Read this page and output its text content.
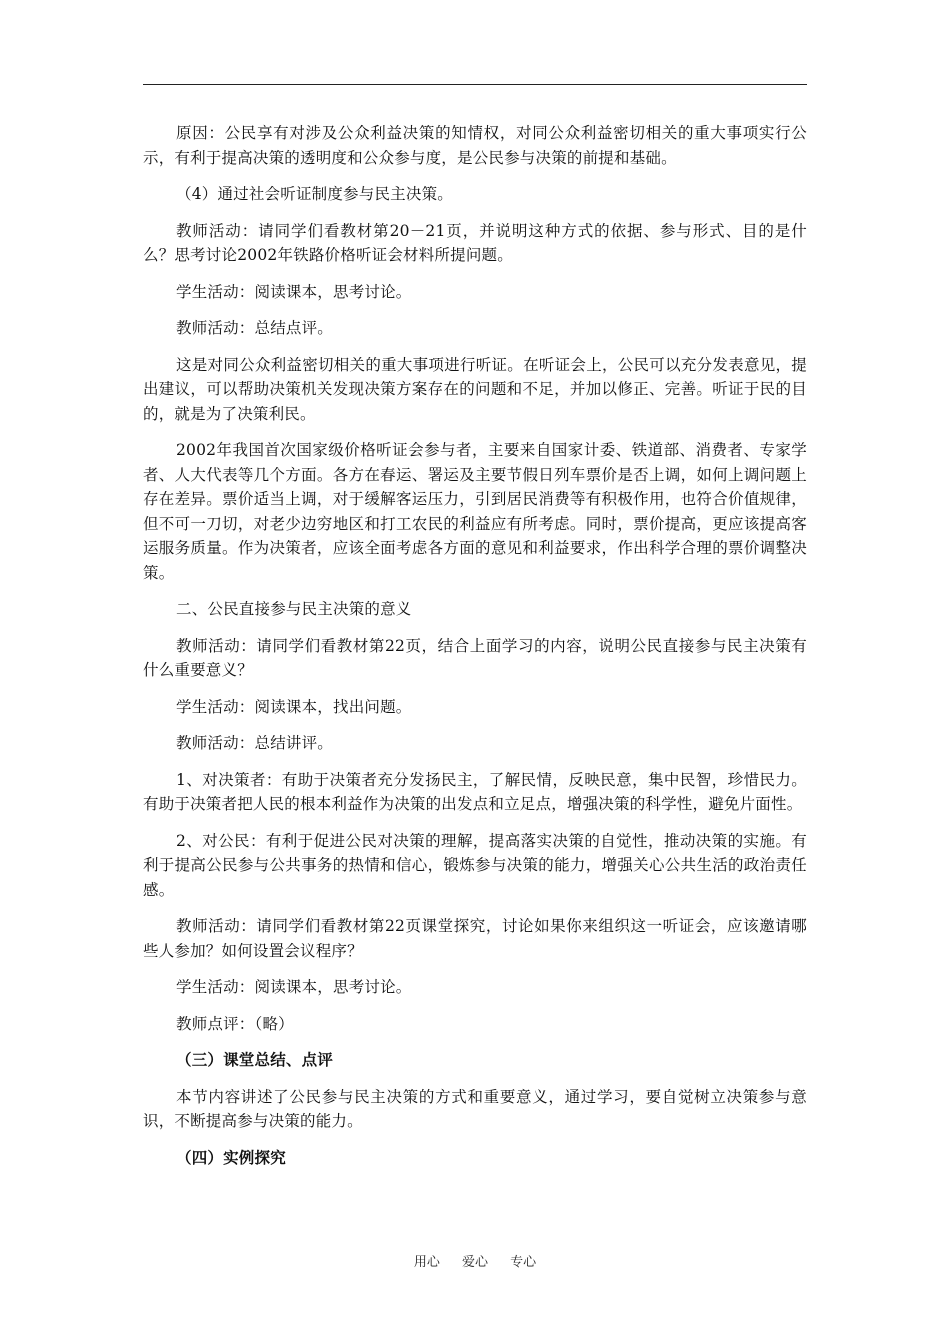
原因：公民享有对涉及公众利益决策的知情权，对同公众利益密切相关的重大事项实行公示，有利于提高决策的透明度和公众参与度，是公民参与决策的前提和基础。

（4）通过社会听证制度参与民主决策。

教师活动：请同学们看教材第20－21页，并说明这种方式的依据、参与形式、目的是什么？思考讨论2002年铁路价格听证会材料所提问题。

学生活动：阅读课本，思考讨论。

教师活动：总结点评。

这是对同公众利益密切相关的重大事项进行听证。在听证会上，公民可以充分发表意见，提出建议，可以帮助决策机关发现决策方案存在的问题和不足，并加以修正、完善。听证于民的目的，就是为了决策利民。

2002年我国首次国家级价格听证会参与者，主要来自国家计委、铁道部、消费者、专家学者、人大代表等几个方面。各方在春运、署运及主要节假日列车票价是否上调，如何上调问题上存在差异。票价适当上调，对于缓解客运压力，引到居民消费等有积极作用，也符合价值规律，但不可一刀切，对老少边穷地区和打工农民的利益应有所考虑。同时，票价提高，更应该提高客运服务质量。作为决策者，应该全面考虑各方面的意见和利益要求，作出科学合理的票价调整决策。

二、公民直接参与民主决策的意义

教师活动：请同学们看教材第22页，结合上面学习的内容，说明公民直接参与民主决策有什么重要意义？

学生活动：阅读课本，找出问题。

教师活动：总结讲评。

1、对决策者：有助于决策者充分发扬民主，了解民情，反映民意，集中民智，珍惜民力。有助于决策者把人民的根本利益作为决策的出发点和立足点，增强决策的科学性，避免片面性。

2、对公民：有利于促进公民对决策的理解，提高落实决策的自觉性，推动决策的实施。有利于提高公民参与公共事务的热情和信心，锻炼参与决策的能力，增强关心公共生活的政治责任感。

教师活动：请同学们看教材第22页课堂探究，讨论如果你来组织这一听证会，应该邀请哪些人参加？如何设置会议程序？

学生活动：阅读课本，思考讨论。

教师点评：（略）

（三）课堂总结、点评

本节内容讲述了公民参与民主决策的方式和重要意义，通过学习，要自觉树立决策参与意识，不断提高参与决策的能力。

（四）实例探究

用心 爱心 专心
